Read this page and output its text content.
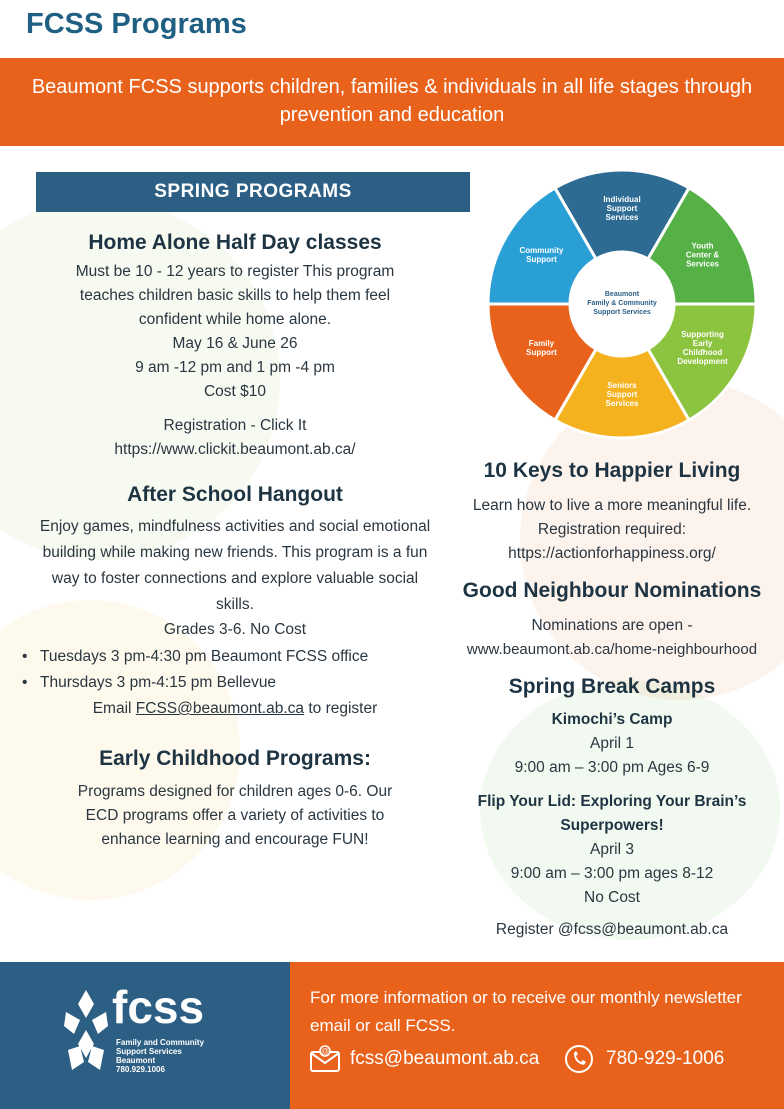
FCSS Programs
Beaumont FCSS supports children, families & individuals in all life stages through prevention and education
SPRING PROGRAMS
Home Alone Half Day classes
Must be 10 - 12 years to register This program teaches children basic skills to help them feel confident while home alone.
May 16 & June 26
9 am -12 pm and 1 pm -4 pm
Cost $10
Registration - Click It
https://www.clickit.beaumont.ab.ca/
After School Hangout
Enjoy games, mindfulness activities and social emotional building while making new friends. This program is a fun way to foster connections and explore valuable social skills.
Grades 3-6. No Cost
• Tuesdays 3 pm-4:30 pm Beaumont FCSS office
• Thursdays 3 pm-4:15 pm Bellevue
Email FCSS@beaumont.ab.ca to register
Early Childhood Programs:
Programs designed for children ages 0-6. Our ECD programs offer a variety of activities to enhance learning and encourage FUN!
Beaumont Family & Community Support Services
Individual Support Services
Youth Center & Services
Supporting Early Childhood Development
Seniors Support Services
Family Support
Community Support
10 Keys to Happier Living
Learn how to live a more meaningful life.
Registration required:
https://actionforhappiness.org/
Good Neighbour Nominations
Nominations are open -
www.beaumont.ab.ca/home-neighbourhood
Spring Break Camps
Kimochi’s Camp
April 1
9:00 am – 3:00 pm Ages 6-9
Flip Your Lid: Exploring Your Brain’s Superpowers!
April 3
9:00 am – 3:00 pm ages 8-12
No Cost
Register @fcss@beaumont.ab.ca
fcss
Family and Community
Support Services
Beaumont
780.929.1006
For more information or to receive our monthly newsletter email or call FCSS.
@ fcss@beaumont.ab.ca	780-929-1006
